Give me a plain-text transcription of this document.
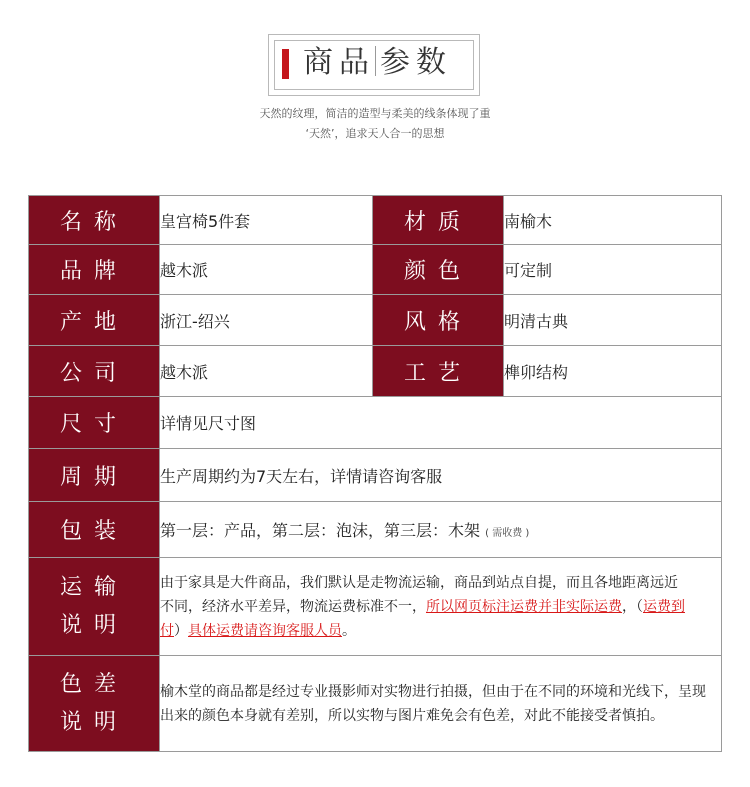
商品 参数
天然的纹理，简洁的造型与柔美的线条体现了重
‘天然’，追求天人合一的思想
名称	皇宫椅5件套	材质	南榆木
品牌	越木派	颜色	可定制
产地	浙江-绍兴	风格	明清古典
公司	越木派	工艺	榫卯结构
尺寸	详情见尺寸图		
周期	生产周期约为7天左右，详情请咨询客服		
包装	第一层：产品，第二层：泡沫，第三层：木架 ( 需收费 )		

运输
说明	由于家具是大件商品，我们默认是走物流运输，商品到站点自提，而且各地距离远近不同，经济水平差异，物流运费标准不一，所以网页标注运费并非实际运费，（运费到付）具体运费请咨询客服人员。		

色差
说明	榆木堂的商品都是经过专业摄影师对实物进行拍摄，但由于在不同的环境和光线下，呈现出来的颜色本身就有差别，所以实物与图片难免会有色差，对此不能接受者慎拍。		
